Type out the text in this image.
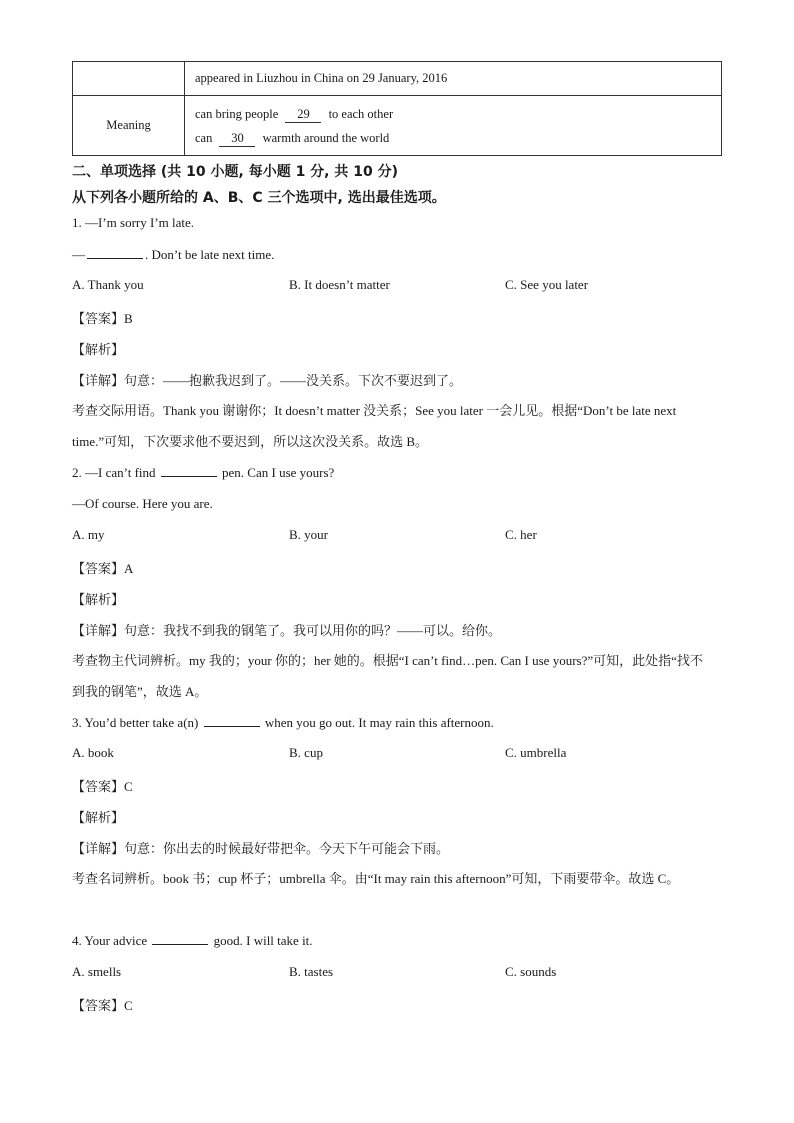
	appeared in Liuzhou in China on 29 January, 2016
Meaning	can bring people 29 to each other
can 30 warmth around the world
二、单项选择 (共 10 小题, 每小题 1 分, 共 10 分)
从下列各小题所给的 A、B、C 三个选项中, 选出最佳选项。
1. —I’m sorry I’m late.
—	. Don’t be late next time.
A. Thank you	B. It doesn’t matter	C. See you later
【答案】B
【解析】
【详解】句意：——抱歉我迟到了。——没关系。下次不要迟到了。
考查交际用语。Thank you 谢谢你；It doesn’t matter 没关系；See you later 一会儿见。根据“Don’t be late next time.”可知，下次要求他不要迟到，所以这次没关系。故选 B。
2. —I can’t find	pen. Can I use yours?
—Of course. Here you are.
A. my	B. your	C. her
【答案】A
【解析】
【详解】句意：我找不到我的钢笔了。我可以用你的吗？——可以。给你。
考查物主代词辨析。my 我的；your 你的；her 她的。根据“I can’t find…pen. Can I use yours?”可知，此处指“找不到我的钢笔”，故选 A。
3. You’d better take a(n)	when you go out. It may rain this afternoon.
A. book	B. cup	C. umbrella
【答案】C
【解析】
【详解】句意：你出去的时候最好带把伞。今天下午可能会下雨。
考查名词辨析。book 书；cup 杯子；umbrella 伞。由“It may rain this afternoon”可知，下雨要带伞。故选 C。
4. Your advice	good. I will take it.
A. smells	B. tastes	C. sounds
【答案】C
